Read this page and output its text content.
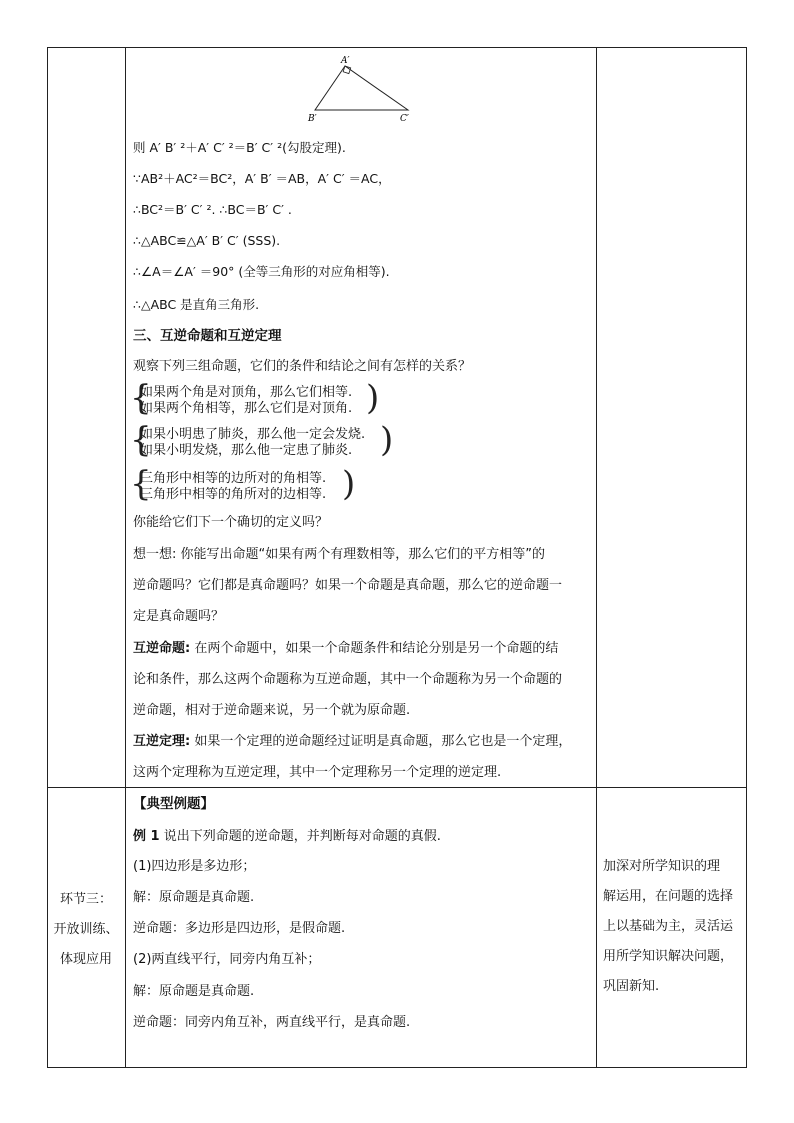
A′
B′	C′
则 A′ B′ ²＋A′ C′ ²＝B′ C′ ²(勾股定理).
∵AB²＋AC²＝BC²，A′ B′ ＝AB，A′ C′ ＝AC，
∴BC²＝B′ C′ ². ∴BC＝B′ C′ .
∴△ABC≌△A′ B′ C′ (SSS).
∴∠A＝∠A′ ＝90° (全等三角形的对应角相等).
∴△ABC 是直角三角形.
三、互逆命题和互逆定理
观察下列三组命题，它们的条件和结论之间有怎样的关系？
{
如果两个角是对顶角，那么它们相等.
如果两个角相等，那么它们是对顶角. )
{
如果小明患了肺炎，那么他一定会发烧.
如果小明发烧，那么他一定患了肺炎. )
{
三角形中相等的边所对的角相等.
三角形中相等的角所对的边相等. )
你能给它们下一个确切的定义吗？
想一想: 你能写出命题“如果有两个有理数相等，那么它们的平方相等”的
逆命题吗？它们都是真命题吗？如果一个命题是真命题，那么它的逆命题一
定是真命题吗？
互逆命题: 在两个命题中，如果一个命题条件和结论分别是另一个命题的结
论和条件，那么这两个命题称为互逆命题，其中一个命题称为另一个命题的
逆命题，相对于逆命题来说，另一个就为原命题.
互逆定理: 如果一个定理的逆命题经过证明是真命题，那么它也是一个定理，
这两个定理称为互逆定理，其中一个定理称另一个定理的逆定理.
环节三：
开放训练、
体现应用
【典型例题】
例 1 说出下列命题的逆命题，并判断每对命题的真假.
(1)四边形是多边形；
解：原命题是真命题.
逆命题：多边形是四边形，是假命题.
(2)两直线平行，同旁内角互补；
解：原命题是真命题.
逆命题：同旁内角互补，两直线平行，是真命题.
加深对所学知识的理
解运用，在问题的选择
上以基础为主，灵活运
用所学知识解决问题，
巩固新知.
